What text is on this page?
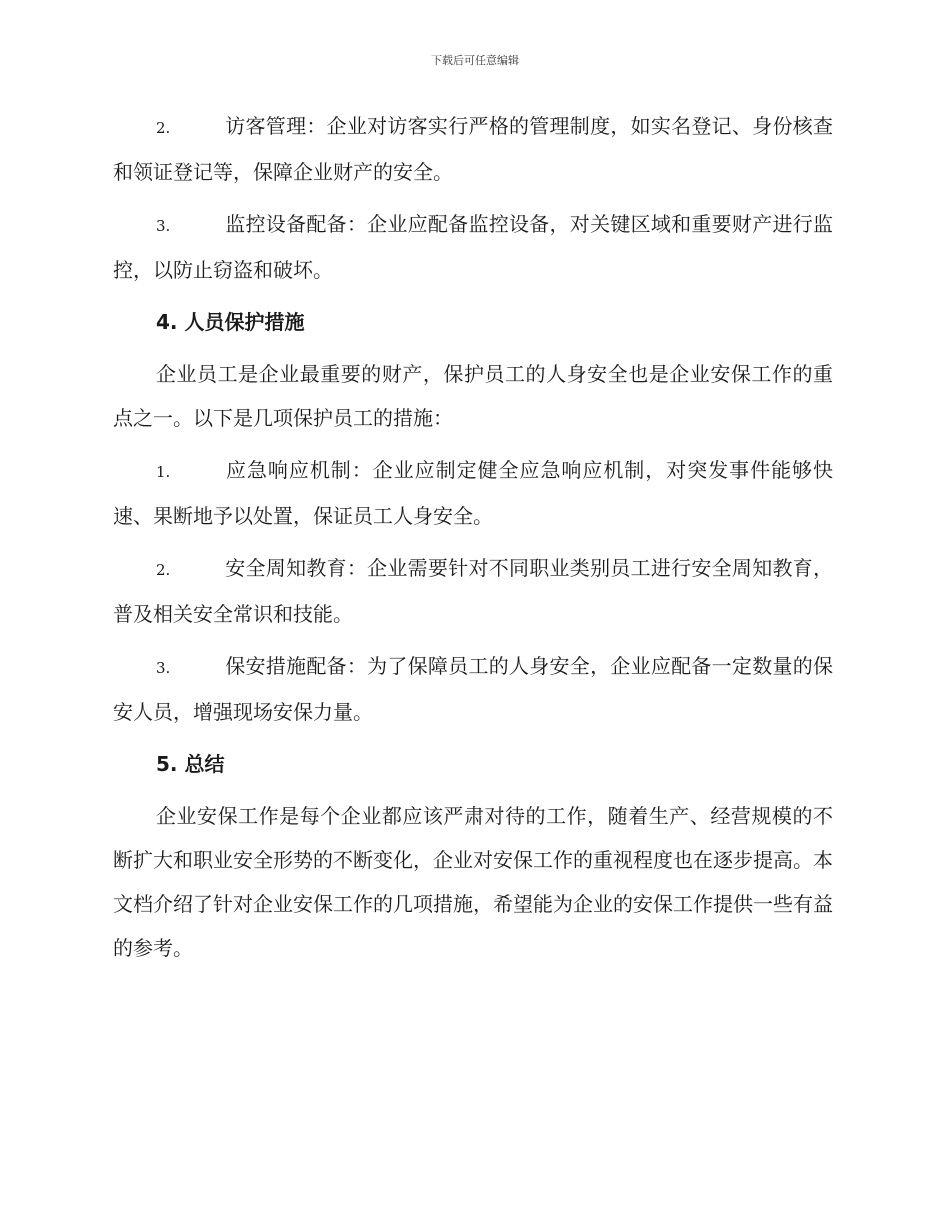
下载后可任意编辑

2.	访客管理：企业对访客实行严格的管理制度，如实名登记、身份核查和领证登记等，保障企业财产的安全。

3.	监控设备配备：企业应配备监控设备，对关键区域和重要财产进行监控，以防止窃盗和破坏。

4. 人员保护措施

企业员工是企业最重要的财产，保护员工的人身安全也是企业安保工作的重点之一。以下是几项保护员工的措施：

1.	应急响应机制：企业应制定健全应急响应机制，对突发事件能够快速、果断地予以处置，保证员工人身安全。

2.	安全周知教育：企业需要针对不同职业类别员工进行安全周知教育，普及相关安全常识和技能。

3.	保安措施配备：为了保障员工的人身安全，企业应配备一定数量的保安人员，增强现场安保力量。

5. 总结

企业安保工作是每个企业都应该严肃对待的工作，随着生产、经营规模的不断扩大和职业安全形势的不断变化，企业对安保工作的重视程度也在逐步提高。本文档介绍了针对企业安保工作的几项措施，希望能为企业的安保工作提供一些有益的参考。
